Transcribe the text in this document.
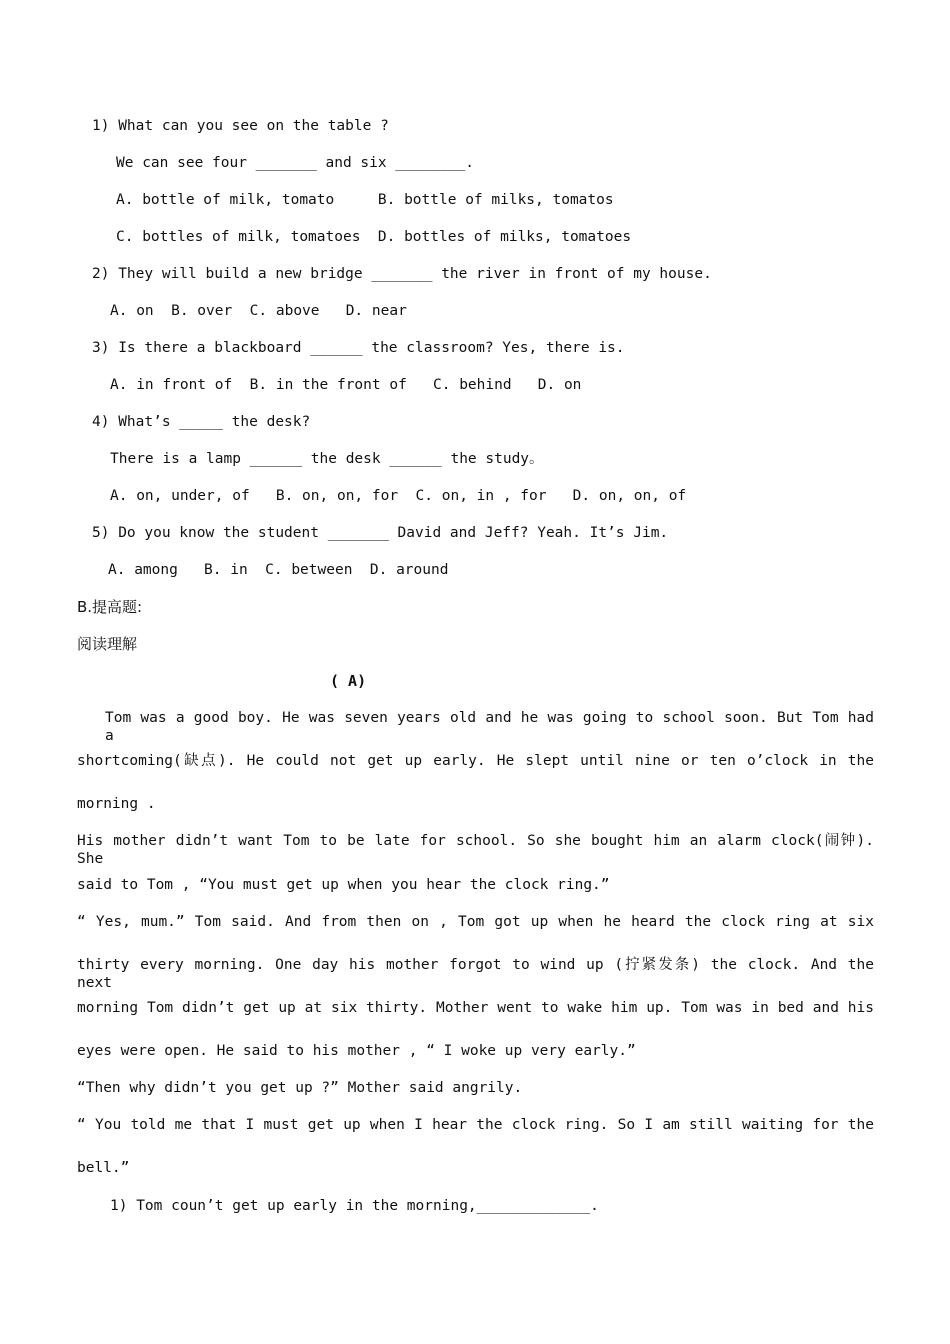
1) What can you see on the table ?
We can see four _______ and six ________.
A. bottle of milk, tomato     B. bottle of milks, tomatos
C. bottles of milk, tomatoes  D. bottles of milks, tomatoes
2) They will build a new bridge _______ the river in front of my house.
A. on  B. over  C. above   D. near
3) Is there a blackboard ______ the classroom? Yes, there is.
A. in front of  B. in the front of   C. behind   D. on
4) What’s _____ the desk?
There is a lamp ______ the desk ______ the study。
A. on, under, of   B. on, on, for  C. on, in , for   D. on, on, of
5) Do you know the student _______ David and Jeff? Yeah. It’s Jim.
A. among   B. in  C. between  D. around
B.提高题:
阅读理解
( A)
Tom was a good boy. He was seven years old and he was going to school soon. But Tom had a
shortcoming(缺点). He could not get up early. He slept until nine or ten o’clock in the
morning .
His mother didn’t want Tom to be late for school. So she bought him an alarm clock(闹钟). She
said to Tom , “You must get up when you hear the clock ring.”
“ Yes, mum.” Tom said. And from then on , Tom got up when he heard the clock ring at six
thirty every morning. One day his mother forgot to wind up (拧紧发条) the clock. And the next
morning Tom didn’t get up at six thirty. Mother went to wake him up. Tom was in bed and his
eyes were open. He said to his mother , “ I woke up very early.”
“Then why didn’t you get up ?” Mother said angrily.
“ You told me that I must get up when I hear the clock ring. So I am still waiting for the
bell.”
1) Tom coun’t get up early in the morning,_____________.
